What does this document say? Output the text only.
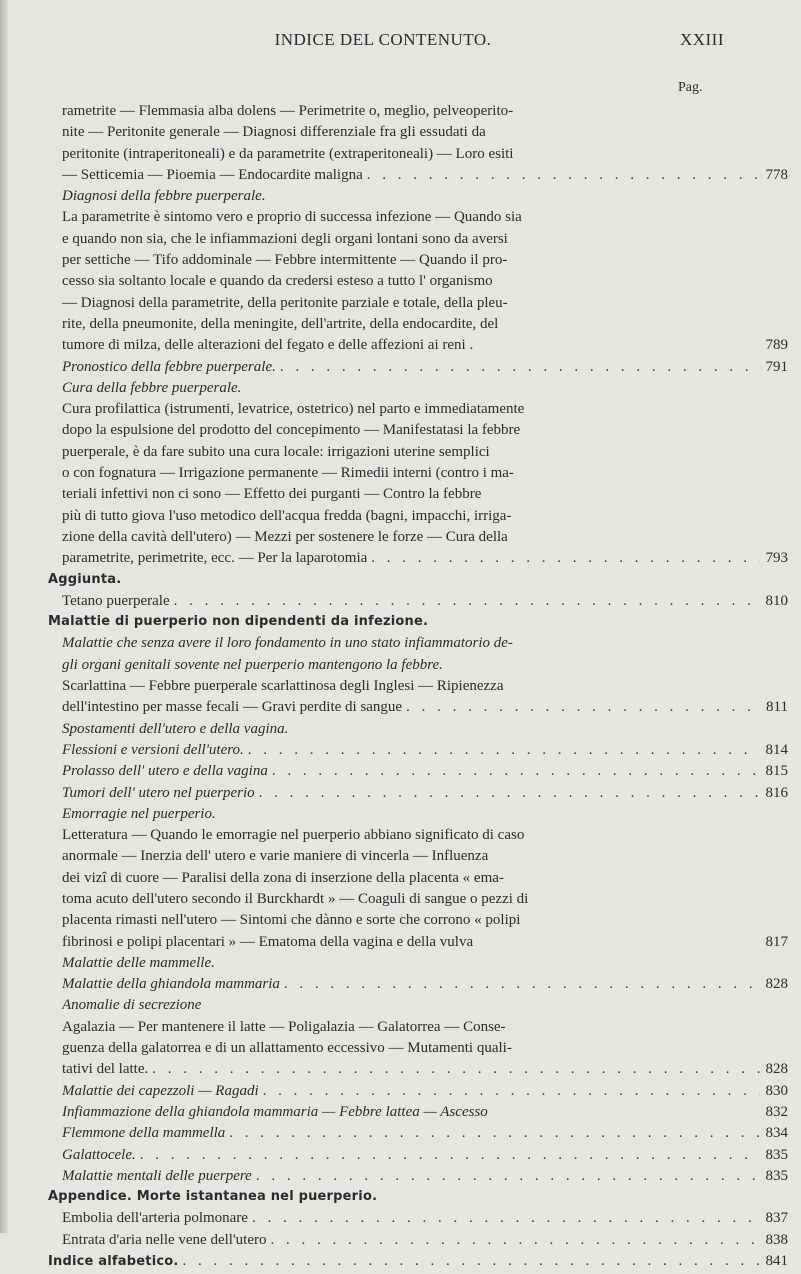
INDICE DEL CONTENUTO.	XXIII
Pag.
rametrite — Flemmasia alba dolens — Perimetrite o, meglio, pelveoperito-
nite — Peritonite generale — Diagnosi differenziale fra gli essudati da
peritonite (intraperitoneali) e da parametrite (extraperitoneali) — Loro esiti
— Setticemia — Pioemia — Endocardite maligna . . .	778
Diagnosi della febbre puerperale.
La parametrite è sintomo vero e proprio di successa infezione — Quando sia
e quando non sia, che le infiammazioni degli organi lontani sono da aversi
per settiche — Tifo addominale — Febbre intermittente — Quando il pro-
cesso sia soltanto locale e quando da credersi esteso a tutto l' organismo
— Diagnosi della parametrite, della peritonite parziale e totale, della pleu-
rite, della pneumonite, della meningite, dell'artrite, della endocardite, del
tumore di milza, delle alterazioni del fegato e delle affezioni ai reni .	789
Pronostico della febbre puerperale. . . .	791
Cura della febbre puerperale.
Cura profilattica (istrumenti, levatrice, ostetrico) nel parto e immediatamente
dopo la espulsione del prodotto del concepimento — Manifestatasi la febbre
puerperale, è da fare subito una cura locale: irrigazioni uterine semplici
o con fognatura — Irrigazione permanente — Rimedii interni (contro i ma-
teriali infettivi non ci sono — Effetto dei purganti — Contro la febbre
più di tutto giova l'uso metodico dell'acqua fredda (bagni, impacchi, irriga-
zione della cavità dell'utero) — Mezzi per sostenere le forze — Cura della
parametrite, perimetrite, ecc. — Per la laparotomia . . .	793
Aggiunta.
Tetano puerperale . . .	810
Malattie di puerperio non dipendenti da infezione.
Malattie che senza avere il loro fondamento in uno stato infiammatorio de-
gli organi genitali sovente nel puerperio mantengono la febbre.
Scarlattina — Febbre puerperale scarlattinosa degli Inglesi — Ripienezza
dell'intestino per masse fecali — Gravi perdite di sangue . . .	811
Spostamenti dell'utero e della vagina.
Flessioni e versioni dell'utero. . . .	814
Prolasso dell' utero e della vagina . . .	815
Tumori dell' utero nel puerperio . . .	816
Emorragie nel puerperio.
Letteratura — Quando le emorragie nel puerperio abbiano significato di caso
anormale — Inerzia dell' utero e varie maniere di vincerla — Influenza
dei vizî di cuore — Paralisi della zona di inserzione della placenta « ema-
toma acuto dell'utero secondo il Burckhardt » — Coaguli di sangue o pezzi di
placenta rimasti nell'utero — Sintomi che dànno e sorte che corrono « polipi
fibrinosi e polipi placentari » — Ematoma della vagina e della vulva	817
Malattie delle mammelle.
Malattie della ghiandola mammaria . . .	828
Anomalie di secrezione
Agalazia — Per mantenere il latte — Poligalazia — Galatorrea — Conse-
guenza della galatorrea e di un allattamento eccessivo — Mutamenti quali-
tativi del latte. . . .	828
Malattie dei capezzoli — Ragadi . . .	830
Infiammazione della ghiandola mammaria — Febbre lattea — Ascesso	832
Flemmone della mammella . . .	834
Galattocele. . . .	835
Malattie mentali delle puerpere . . .	835
Appendice. Morte istantanea nel puerperio.
Embolia dell'arteria polmonare . . .	837
Entrata d'aria nelle vene dell'utero . . .	838
Indice alfabetico. . . .	841
